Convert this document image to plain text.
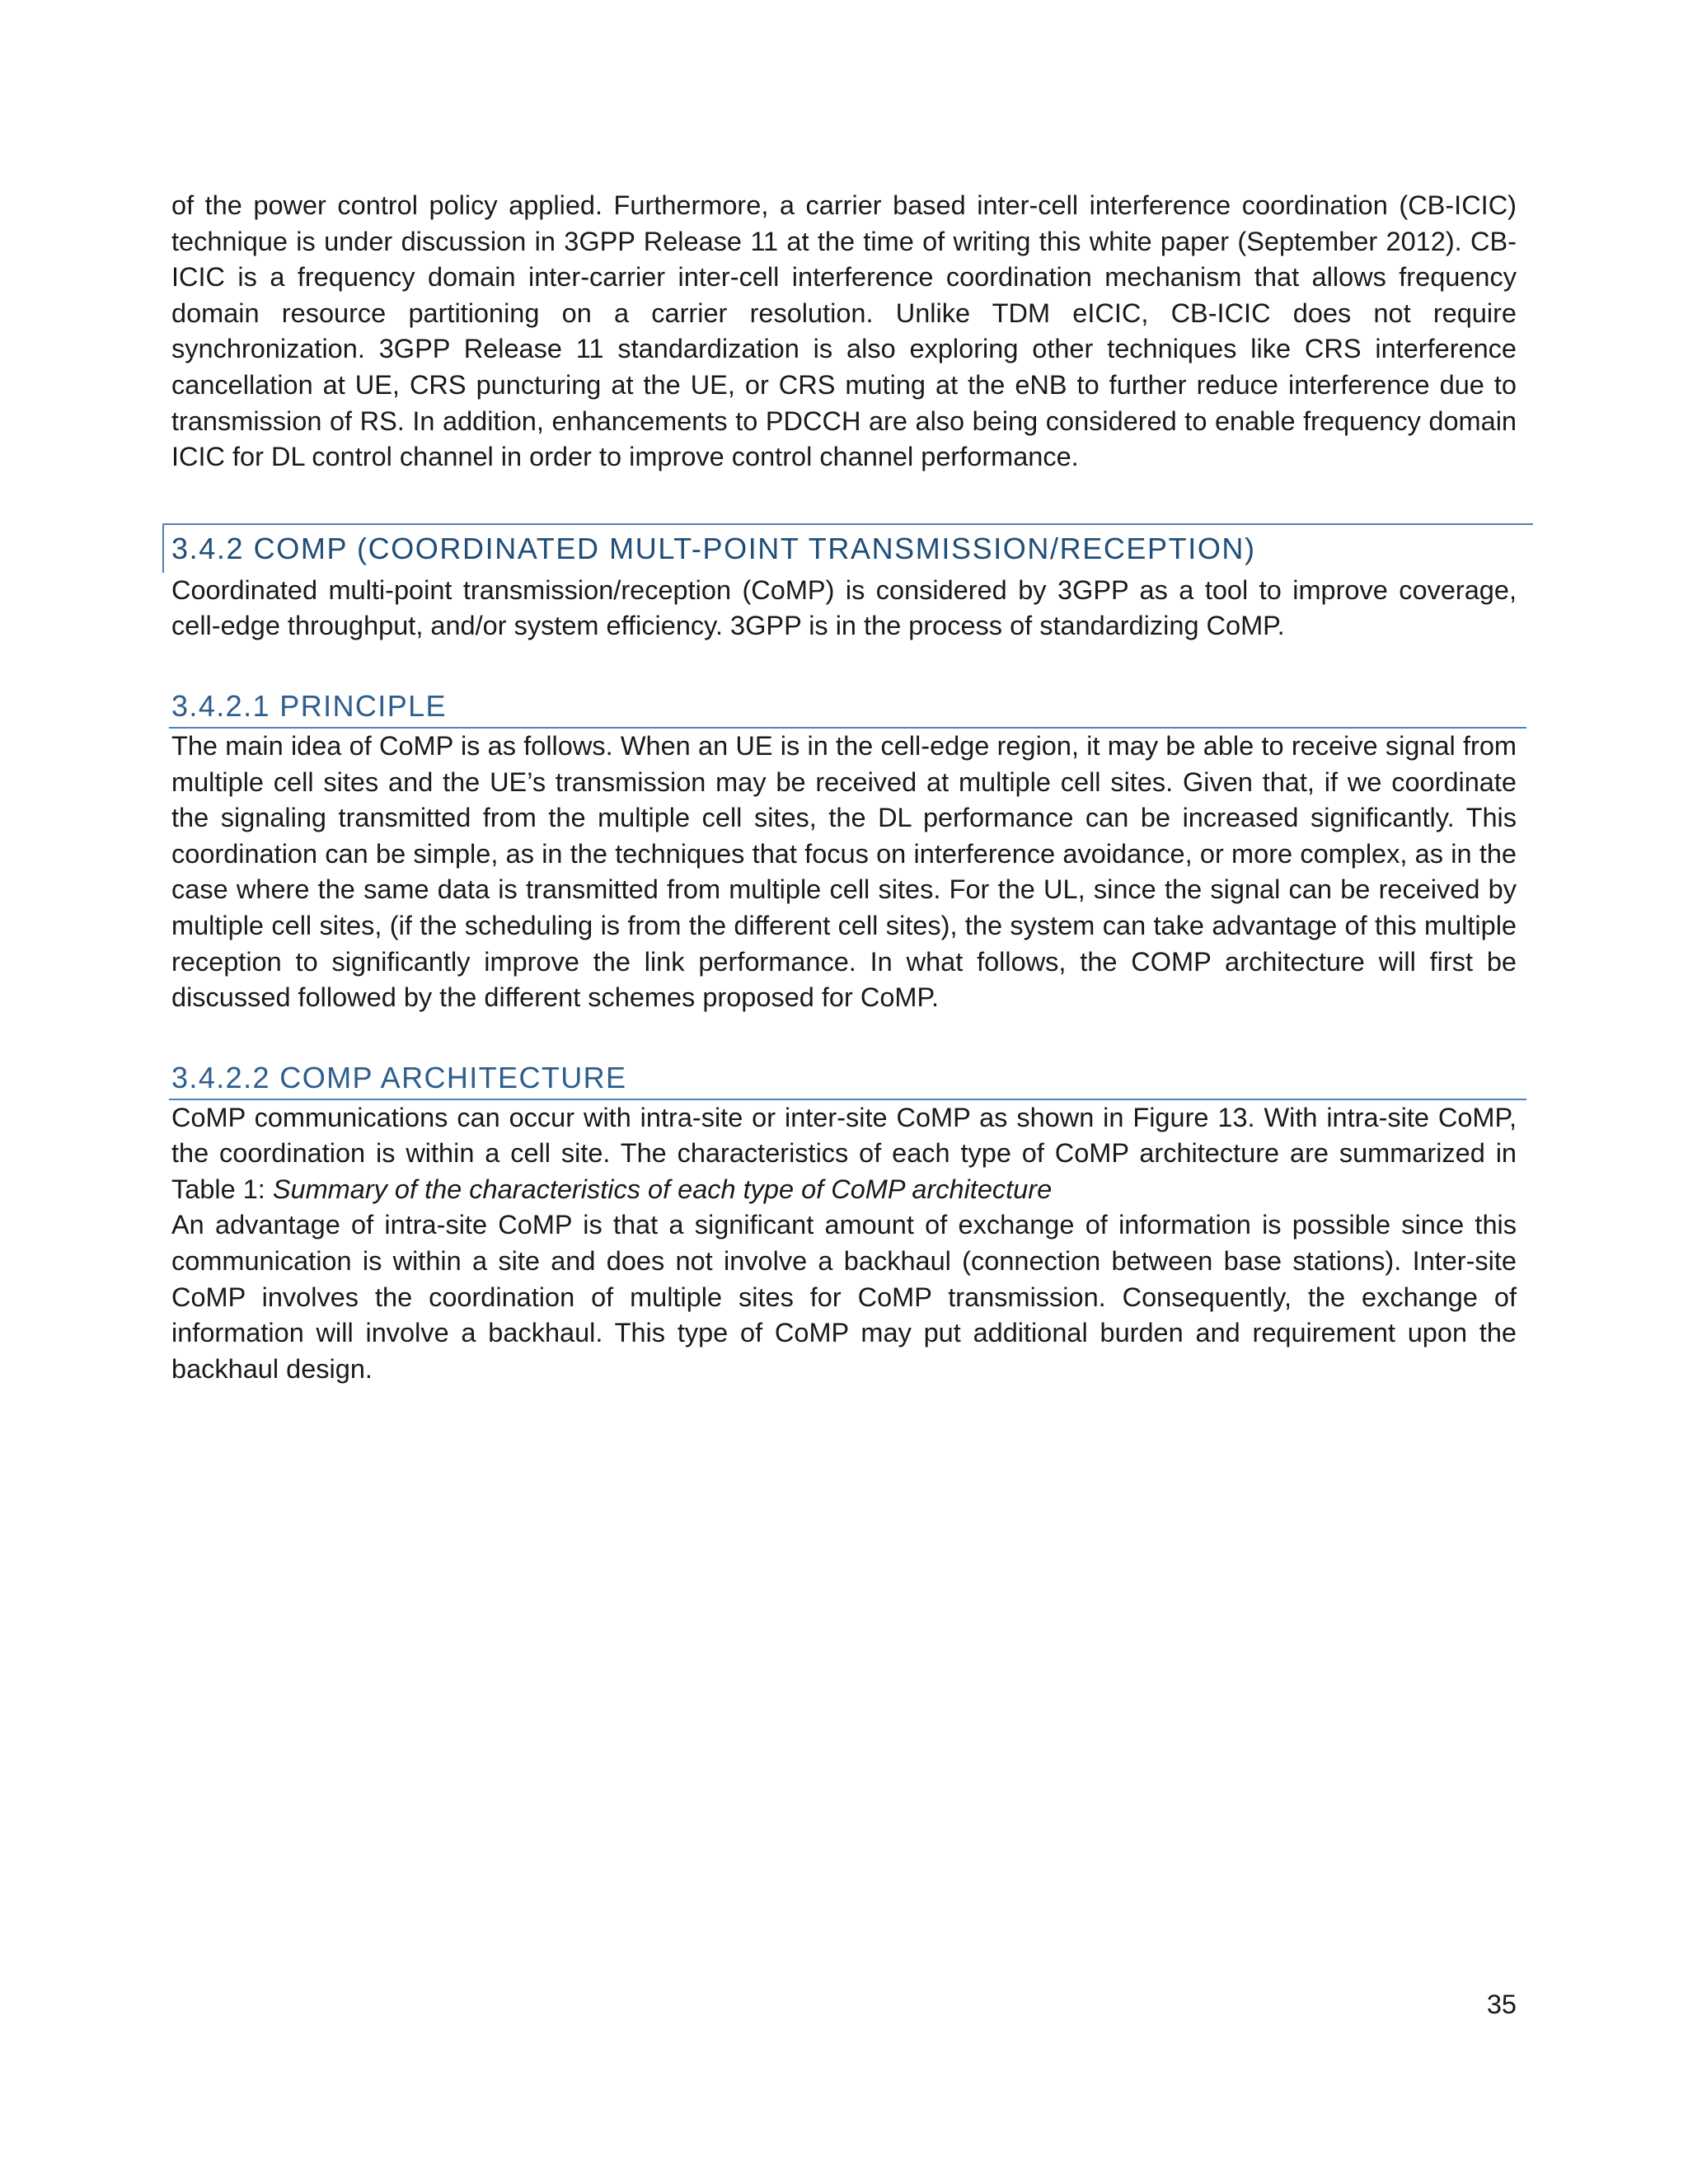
of the power control policy applied. Furthermore, a carrier based inter-cell interference coordination (CB-ICIC) technique is under discussion in 3GPP Release 11 at the time of writing this white paper (September 2012). CB-ICIC is a frequency domain inter-carrier inter-cell interference coordination mechanism that allows frequency domain resource partitioning on a carrier resolution. Unlike TDM eICIC, CB-ICIC does not require synchronization. 3GPP Release 11 standardization is also exploring other techniques like CRS interference cancellation at UE, CRS puncturing at the UE, or CRS muting at the eNB to further reduce interference due to transmission of RS. In addition, enhancements to PDCCH are also being considered to enable frequency domain ICIC for DL control channel in order to improve control channel performance.

3.4.2 COMP (COORDINATED MULT-POINT TRANSMISSION/RECEPTION)

Coordinated multi-point transmission/reception (CoMP) is considered by 3GPP as a tool to improve coverage, cell-edge throughput, and/or system efficiency. 3GPP is in the process of standardizing CoMP.

3.4.2.1 PRINCIPLE

The main idea of CoMP is as follows. When an UE is in the cell-edge region, it may be able to receive signal from multiple cell sites and the UE’s transmission may be received at multiple cell sites. Given that, if we coordinate the signaling transmitted from the multiple cell sites, the DL performance can be increased significantly. This coordination can be simple, as in the techniques that focus on interference avoidance, or more complex, as in the case where the same data is transmitted from multiple cell sites. For the UL, since the signal can be received by multiple cell sites, (if the scheduling is from the different cell sites), the system can take advantage of this multiple reception to significantly improve the link performance. In what follows, the COMP architecture will first be discussed followed by the different schemes proposed for CoMP.

3.4.2.2 COMP ARCHITECTURE

CoMP communications can occur with intra-site or inter-site CoMP as shown in Figure 13. With intra-site CoMP, the coordination is within a cell site. The characteristics of each type of CoMP architecture are summarized in Table 1: Summary of the characteristics of each type of CoMP architecture

An advantage of intra-site CoMP is that a significant amount of exchange of information is possible since this communication is within a site and does not involve a backhaul (connection between base stations). Inter-site CoMP involves the coordination of multiple sites for CoMP transmission. Consequently, the exchange of information will involve a backhaul. This type of CoMP may put additional burden and requirement upon the backhaul design.

35
